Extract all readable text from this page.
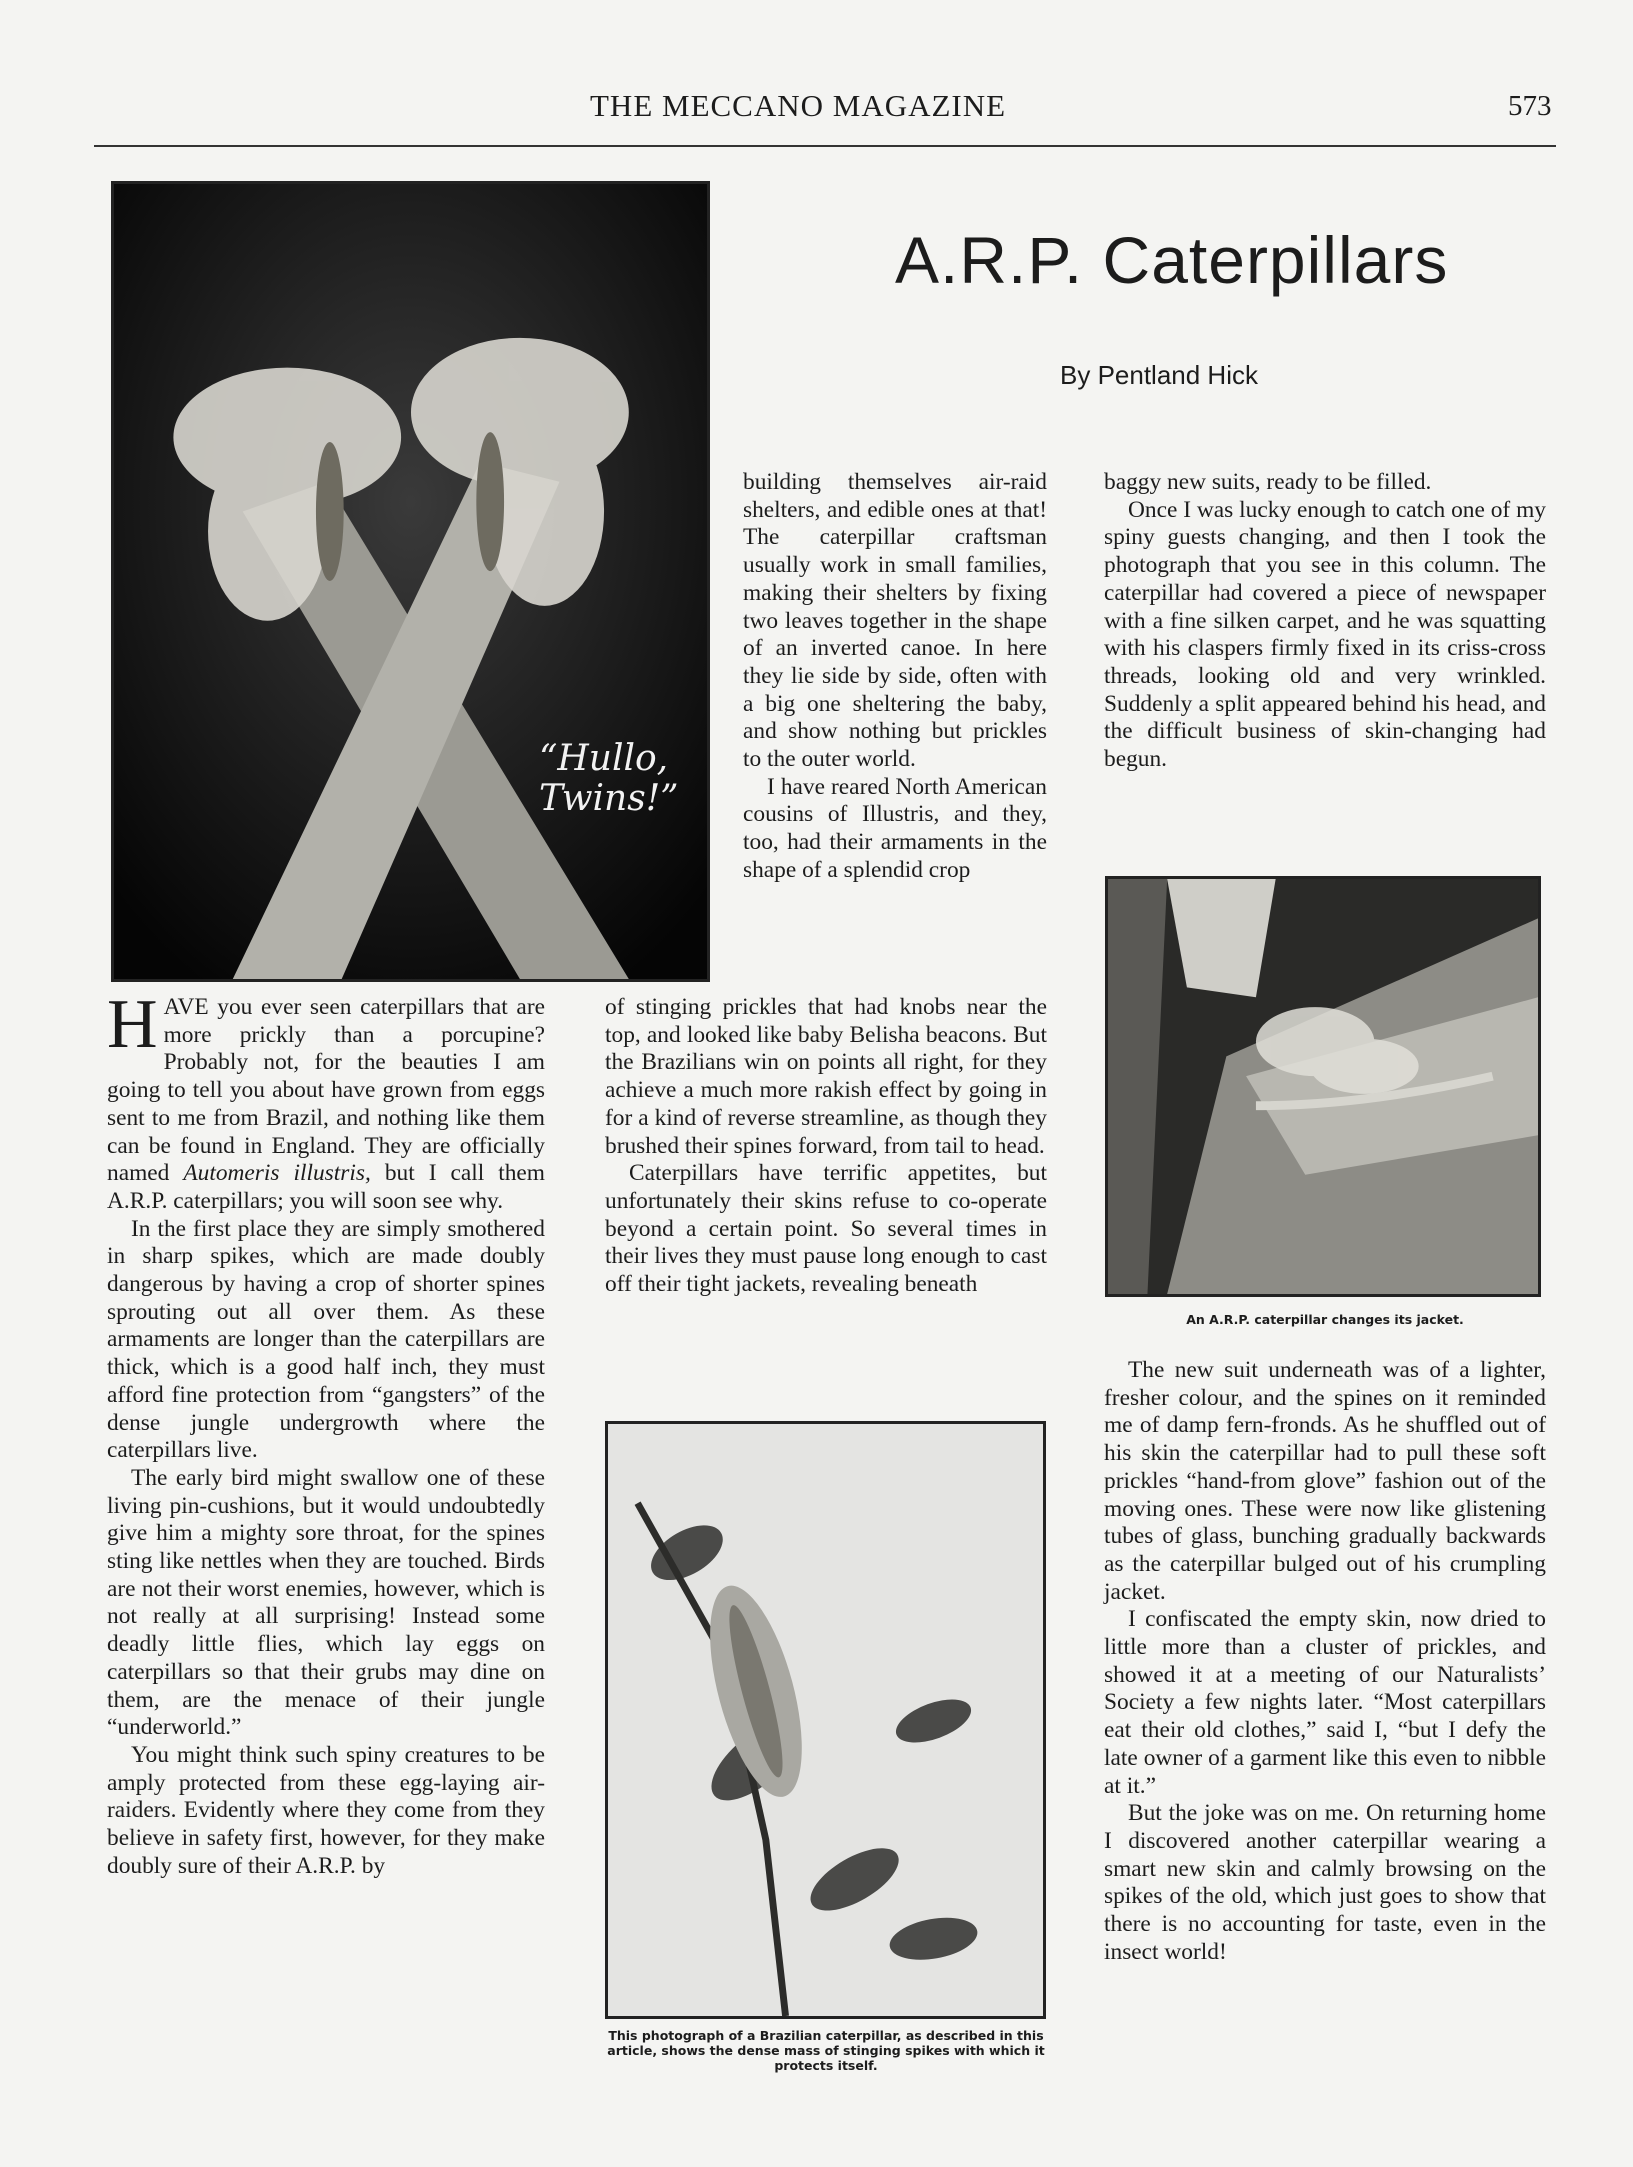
THE MECCANO MAGAZINE	573
“Hullo,
Twins!”
A.R.P. Caterpillars
By Pentland Hick

HAVE you ever seen caterpillars that are more prickly than a porcupine? Probably not, for the beauties I am going to tell you about have grown from eggs sent to me from Brazil, and nothing like them can be found in England. They are officially named Automeris illustris, but I call them A.R.P. caterpillars; you will soon see why.

In the first place they are simply smothered in sharp spikes, which are made doubly dangerous by having a crop of shorter spines sprouting out all over them. As these armaments are longer than the caterpillars are thick, which is a good half inch, they must afford fine protection from “gangsters” of the dense jungle undergrowth where the caterpillars live.

The early bird might swallow one of these living pin-cushions, but it would undoubtedly give him a mighty sore throat, for the spines sting like nettles when they are touched. Birds are not their worst enemies, however, which is not really at all surprising! Instead some deadly little flies, which lay eggs on caterpillars so that their grubs may dine on them, are the menace of their jungle “underworld.”

You might think such spiny creatures to be amply protected from these egg-laying air-raiders. Evidently where they come from they believe in safety first, however, for they make doubly sure of their A.R.P. by

building themselves air-raid shelters, and edible ones at that! The caterpillar craftsman usually work in small families, making their shelters by fixing two leaves together in the shape of an inverted canoe. In here they lie side by side, often with a big one sheltering the baby, and show nothing but prickles to the outer world.

I have reared North American cousins of Illustris, and they, too, had their armaments in the shape of a splendid crop

of stinging prickles that had knobs near the top, and looked like baby Belisha beacons. But the Brazilians win on points all right, for they achieve a much more rakish effect by going in for a kind of reverse streamline, as though they brushed their spines forward, from tail to head.

Caterpillars have terrific appetites, but unfortunately their skins refuse to co-operate beyond a certain point. So several times in their lives they must pause long enough to cast off their tight jackets, revealing beneath

This photograph of a Brazilian caterpillar, as described in this article, shows the dense mass of stinging spikes with which it protects itself.

baggy new suits, ready to be filled.

Once I was lucky enough to catch one of my spiny guests changing, and then I took the photograph that you see in this column. The caterpillar had covered a piece of newspaper with a fine silken carpet, and he was squatting with his claspers firmly fixed in its criss-cross threads, looking old and very wrinkled. Suddenly a split appeared behind his head, and the difficult business of skin-changing had begun.

An A.R.P. caterpillar changes its jacket.

The new suit underneath was of a lighter, fresher colour, and the spines on it reminded me of damp fern-fronds. As he shuffled out of his skin the caterpillar had to pull these soft prickles “hand-from glove” fashion out of the moving ones. These were now like glistening tubes of glass, bunching gradually backwards as the caterpillar bulged out of his crumpling jacket.

I confiscated the empty skin, now dried to little more than a cluster of prickles, and showed it at a meeting of our Naturalists’ Society a few nights later. “Most caterpillars eat their old clothes,” said I, “but I defy the late owner of a garment like this even to nibble at it.”

But the joke was on me. On returning home I discovered another caterpillar wearing a smart new skin and calmly browsing on the spikes of the old, which just goes to show that there is no accounting for taste, even in the insect world!
